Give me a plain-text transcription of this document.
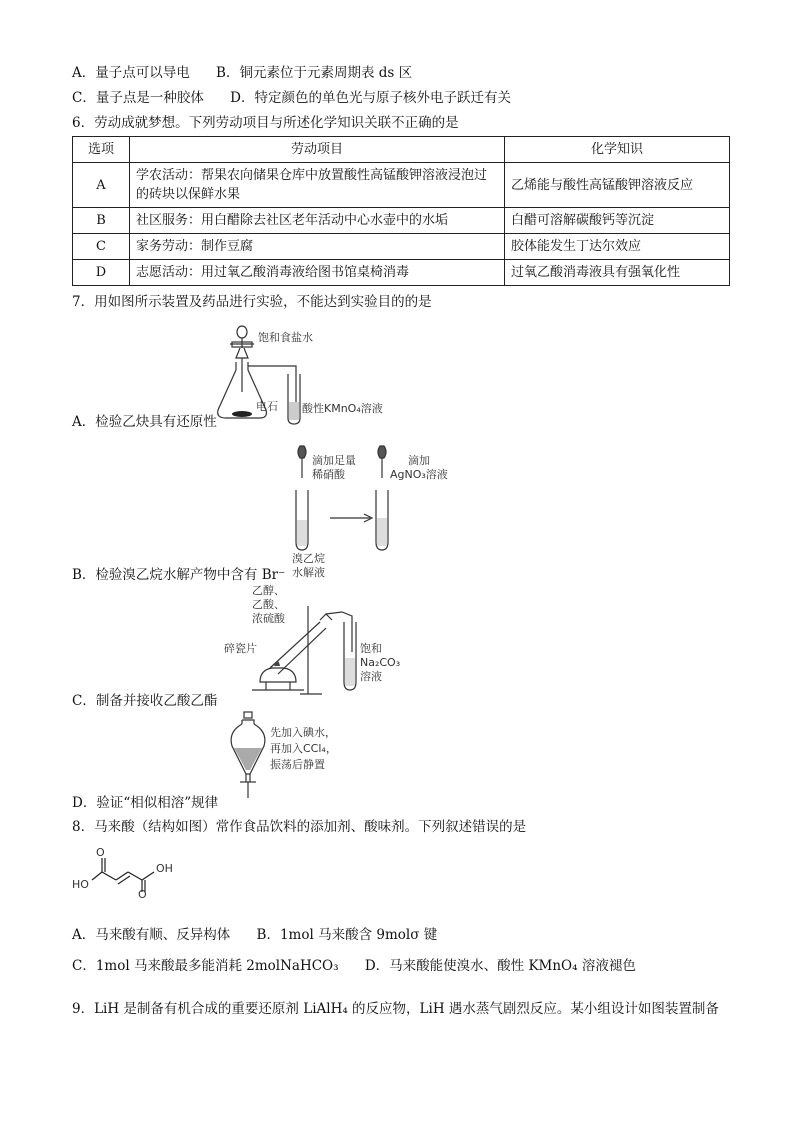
A．量子点可以导电 B．铜元素位于元素周期表 ds 区
C．量子点是一种胶体 D．特定颜色的单色光与原子核外电子跃迁有关
6．劳动成就梦想。下列劳动项目与所述化学知识关联不正确的是
选项	劳动项目	化学知识
A	学农活动：帮果农向储果仓库中放置酸性高锰酸钾溶液浸泡过的砖块以保鲜水果	乙烯能与酸性高锰酸钾溶液反应
B	社区服务：用白醋除去社区老年活动中心水壶中的水垢	白醋可溶解碳酸钙等沉淀
C	家务劳动：制作豆腐	胶体能发生丁达尔效应
D	志愿活动：用过氧乙酸消毒液给图书馆桌椅消毒	过氧乙酸消毒液具有强氧化性
7．用如图所示装置及药品进行实验，不能达到实验目的的是
饱和食盐水
电石 酸性KMnO₄溶液
A．检验乙炔具有还原性
滴加足量
稀硝酸
滴加
AgNO₃溶液
溴乙烷
水解液
B．检验溴乙烷水解产物中含有 Br⁻
乙醇、
乙酸、
浓硫酸
碎瓷片	饱和
Na₂CO₃
溶液
C．制备并接收乙酸乙酯
先加入碘水，
再加入CCl₄，
振荡后静置
D．验证“相似相溶”规律
8．马来酸（结构如图）常作食品饮料的添加剂、酸味剂。下列叙述错误的是
O
HO
O
OH
A．马来酸有顺、反异构体 B．1mol 马来酸含 9molσ 键
C．1mol 马来酸最多能消耗 2molNaHCO₃ D．马来酸能使溴水、酸性 KMnO₄ 溶液褪色
9．LiH 是制备有机合成的重要还原剂 LiAlH₄ 的反应物，LiH 遇水蒸气剧烈反应。某小组设计如图装置制备
